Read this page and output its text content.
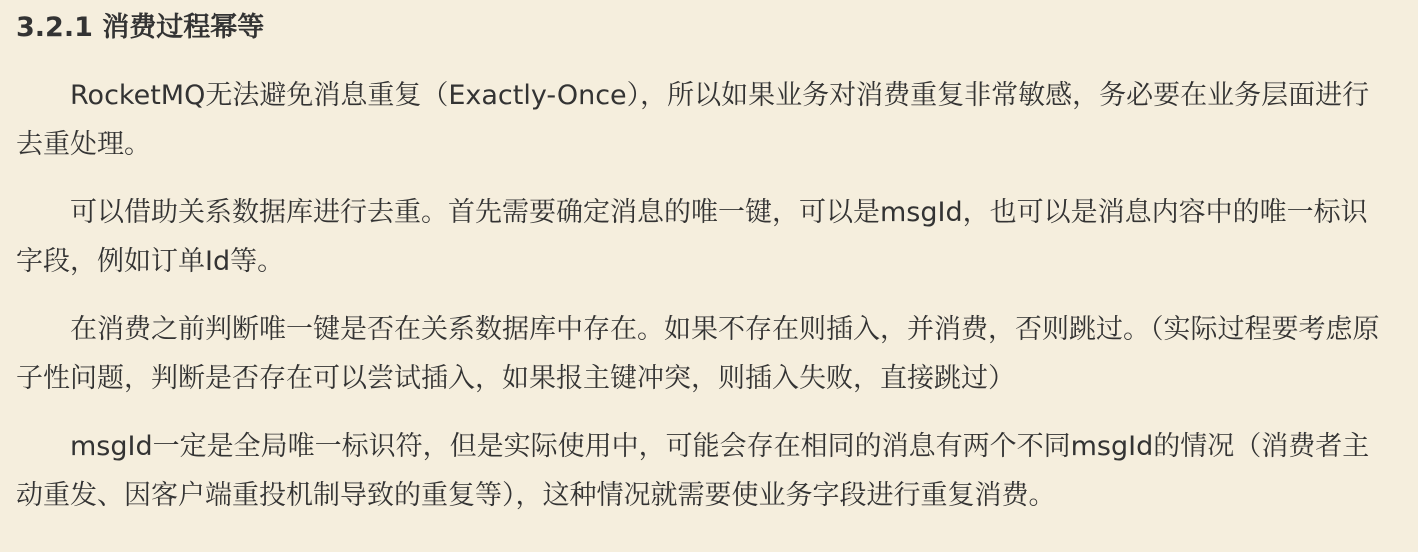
3.2.1 消费过程幂等

RocketMQ无法避免消息重复（Exactly-Once），所以如果业务对消费重复非常敏感，务必要在业务层面进行去重处理。

可以借助关系数据库进行去重。首先需要确定消息的唯一键，可以是msgId，也可以是消息内容中的唯一标识字段，例如订单Id等。

在消费之前判断唯一键是否在关系数据库中存在。如果不存在则插入，并消费，否则跳过。（实际过程要考虑原子性问题，判断是否存在可以尝试插入，如果报主键冲突，则插入失败，直接跳过）

msgId一定是全局唯一标识符，但是实际使用中，可能会存在相同的消息有两个不同msgId的情况（消费者主动重发、因客户端重投机制导致的重复等），这种情况就需要使业务字段进行重复消费。
